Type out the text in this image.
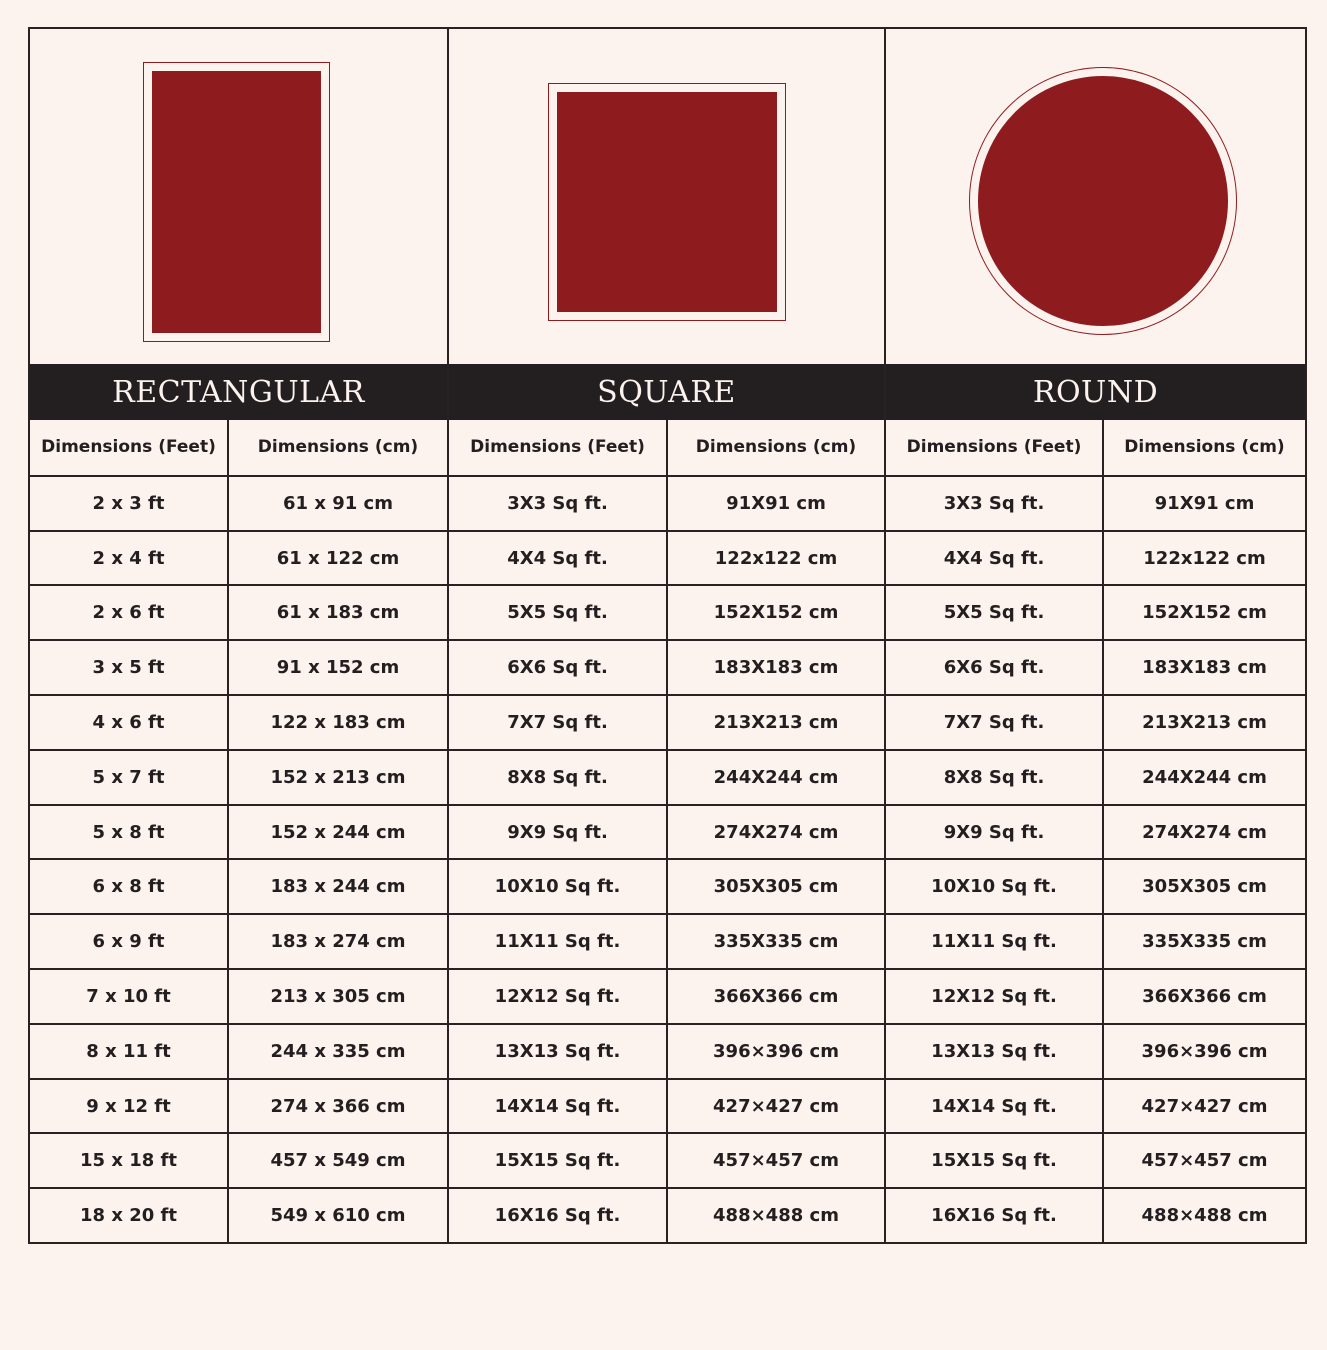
RECTANGULAR
Dimensions (Feet)	Dimensions (cm)
2 x 3 ft	61 x 91 cm
2 x 4 ft	61 x 122 cm
2 x 6 ft	61 x 183 cm
3 x 5 ft	91 x 152 cm
4 x 6 ft	122 x 183 cm
5 x 7 ft	152 x 213 cm
5 x 8 ft	152 x 244 cm
6 x 8 ft	183 x 244 cm
6 x 9 ft	183 x 274 cm
7 x 10 ft	213 x 305 cm
8 x 11 ft	244 x 335 cm
9 x 12 ft	274 x 366 cm
15 x 18 ft	457 x 549 cm
18 x 20 ft	549 x 610 cm
SQUARE
Dimensions (Feet)	Dimensions (cm)
3X3 Sq ft.	91X91 cm
4X4 Sq ft.	122x122 cm
5X5 Sq ft.	152X152 cm
6X6 Sq ft.	183X183 cm
7X7 Sq ft.	213X213 cm
8X8 Sq ft.	244X244 cm
9X9 Sq ft.	274X274 cm
10X10 Sq ft.	305X305 cm
11X11 Sq ft.	335X335 cm
12X12 Sq ft.	366X366 cm
13X13 Sq ft.	396×396 cm
14X14 Sq ft.	427×427 cm
15X15 Sq ft.	457×457 cm
16X16 Sq ft.	488×488 cm
ROUND
Dimensions (Feet)	Dimensions (cm)
3X3 Sq ft.	91X91 cm
4X4 Sq ft.	122x122 cm
5X5 Sq ft.	152X152 cm
6X6 Sq ft.	183X183 cm
7X7 Sq ft.	213X213 cm
8X8 Sq ft.	244X244 cm
9X9 Sq ft.	274X274 cm
10X10 Sq ft.	305X305 cm
11X11 Sq ft.	335X335 cm
12X12 Sq ft.	366X366 cm
13X13 Sq ft.	396×396 cm
14X14 Sq ft.	427×427 cm
15X15 Sq ft.	457×457 cm
16X16 Sq ft.	488×488 cm
